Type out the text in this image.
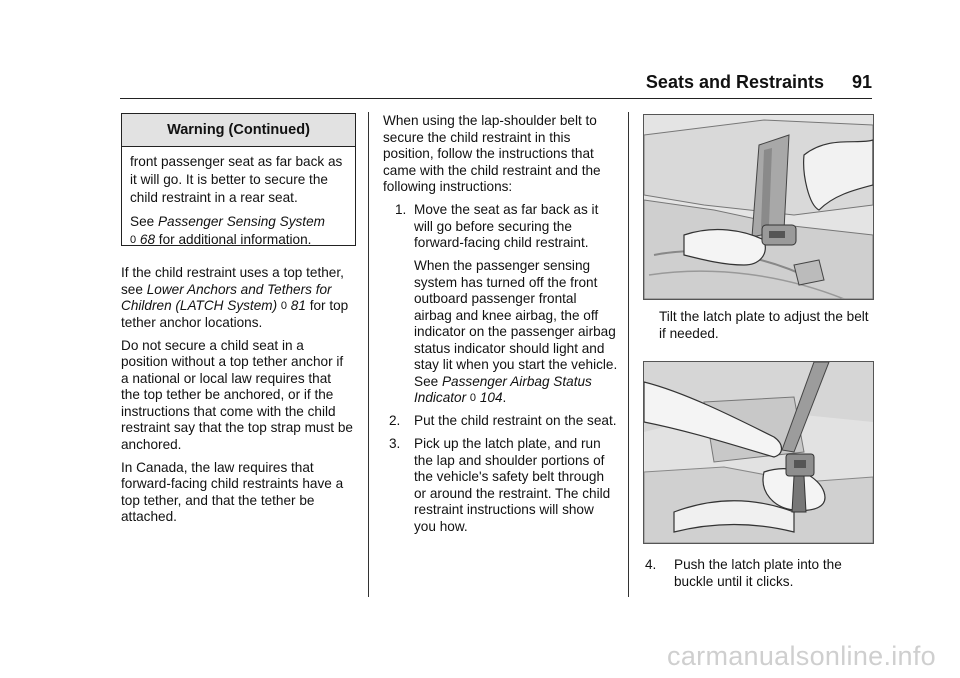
Seats and Restraints 91
Warning (Continued)

front passenger seat as far back as it will go. It is better to secure the child restraint in a rear seat.

See Passenger Sensing System
0 68 for additional information.

If the child restraint uses a top tether, see Lower Anchors and Tethers for Children (LATCH System) 0 81 for top tether anchor locations.

Do not secure a child seat in a position without a top tether anchor if a national or local law requires that the top tether be anchored, or if the instructions that come with the child restraint say that the top strap must be anchored.

In Canada, the law requires that forward-facing child restraints have a top tether, and that the tether be attached.

When using the lap-shoulder belt to secure the child restraint in this position, follow the instructions that came with the child restraint and the following instructions:

1. Move the seat as far back as it will go before securing the forward-facing child restraint.
When the passenger sensing system has turned off the front outboard passenger frontal airbag and knee airbag, the off indicator on the passenger airbag status indicator should light and stay lit when you start the vehicle. See Passenger Airbag Status Indicator 0 104.
2. Put the child restraint on the seat.
3. Pick up the latch plate, and run the lap and shoulder portions of the vehicle's safety belt through or around the restraint. The child restraint instructions will show you how.
Tilt the latch plate to adjust the belt if needed.
4. Push the latch plate into the buckle until it clicks.
carmanualsonline.info
